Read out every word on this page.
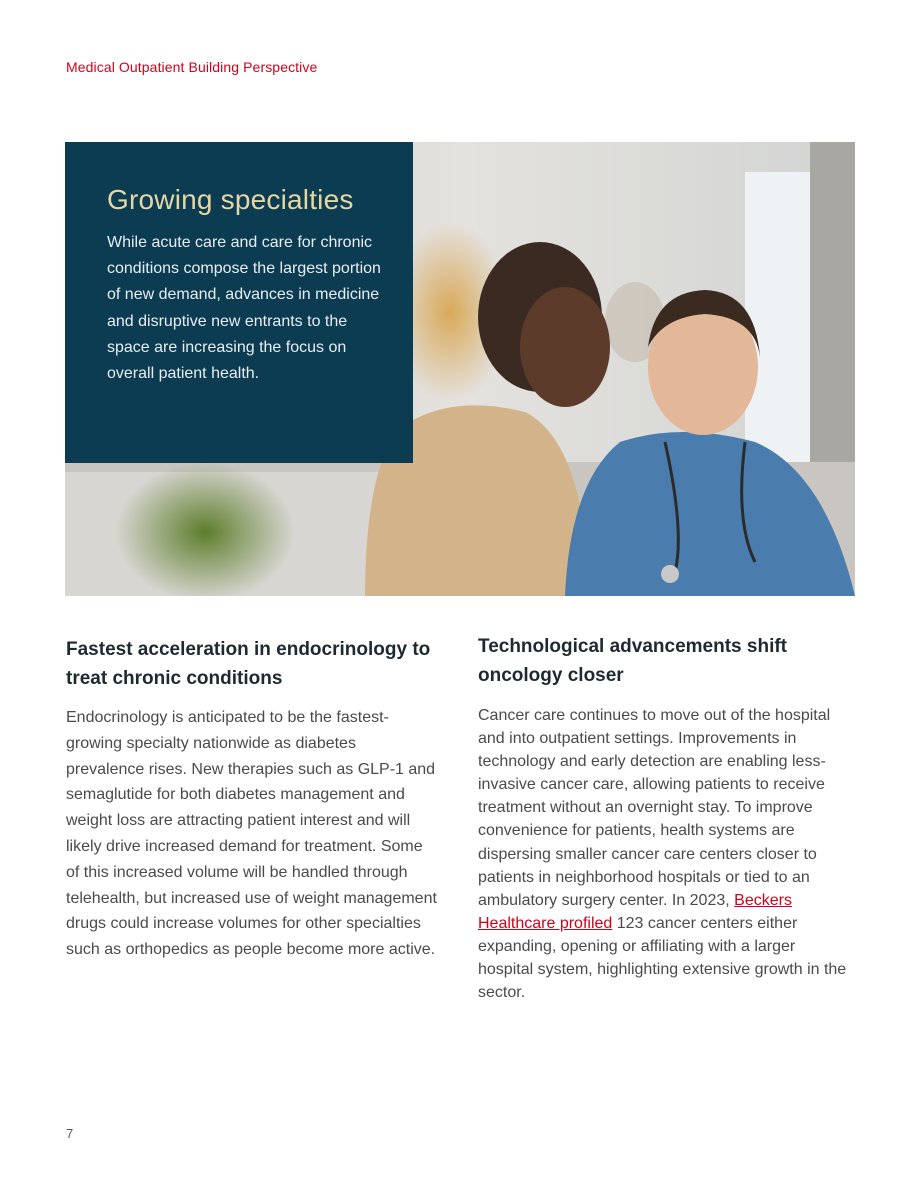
Medical Outpatient Building Perspective
Growing specialties

While acute care and care for chronic conditions compose the largest portion of new demand, advances in medicine and disruptive new entrants to the space are increasing the focus on overall patient health.

Fastest acceleration in endocrinology to treat chronic conditions

Endocrinology is anticipated to be the fastest-growing specialty nationwide as diabetes prevalence rises. New therapies such as GLP-1 and semaglutide for both diabetes management and weight loss are attracting patient interest and will likely drive increased demand for treatment. Some of this increased volume will be handled through telehealth, but increased use of weight management drugs could increase volumes for other specialties such as orthopedics as people become more active.

Technological advancements shift oncology closer

Cancer care continues to move out of the hospital and into outpatient settings. Improvements in technology and early detection are enabling less-invasive cancer care, allowing patients to receive treatment without an overnight stay. To improve convenience for patients, health systems are dispersing smaller cancer care centers closer to patients in neighborhood hospitals or tied to an ambulatory surgery center. In 2023, Beckers Healthcare profiled 123 cancer centers either expanding, opening or affiliating with a larger hospital system, highlighting extensive growth in the sector.

7
